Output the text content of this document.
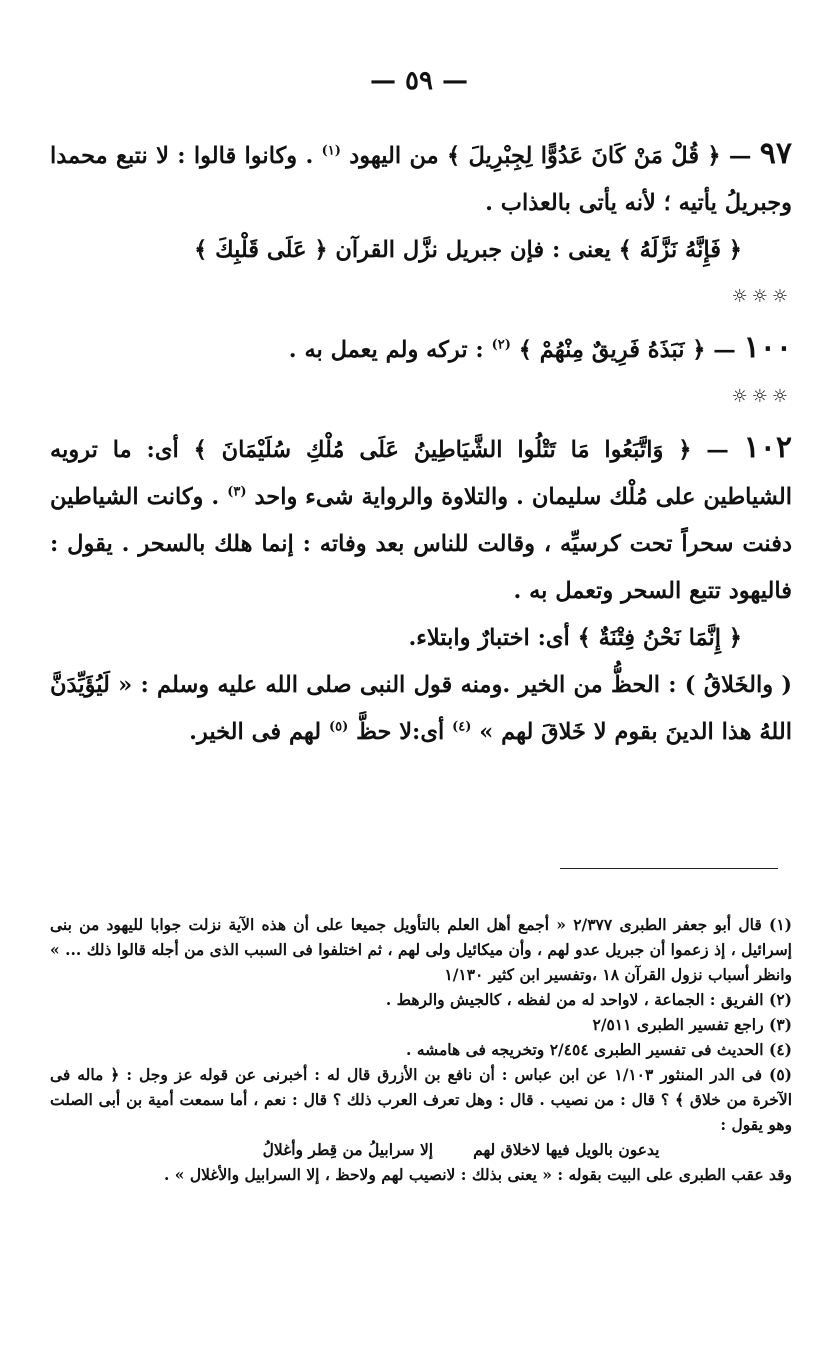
— ٥٩ —

٩٧ — ﴿ قُلْ مَنْ كَانَ عَدُوًّا لِجِبْرِيلَ ﴾ من اليهود $^{(١)}$ . وكانوا قالوا : لا نتبع محمدا وجبريلُ يأتيه ؛ لأنه يأتى بالعذاب .

﴿ فَإِنَّهُ نَزَّلَهُ ﴾ يعنى : فإن جبريل نزَّل القرآن ﴿ عَلَى قَلْبِكَ ﴾

☼☼☼

١٠٠ — ﴿ نَبَذَهُ فَرِيقٌ مِنْهُمْ ﴾ $^{(٢)}$ : تركه ولم يعمل به .

☼☼☼

١٠٢ — ﴿ وَاتَّبَعُوا مَا تَتْلُوا الشَّيَاطِينُ عَلَى مُلْكِ سُلَيْمَانَ ﴾ أى: ما ترويه الشياطين على مُلْك سليمان . والتلاوة والرواية شىء واحد $^{(٣)}$ . وكانت الشياطين دفنت سحراً تحت كرسيِّه ، وقالت للناس بعد وفاته : إنما هلك بالسحر . يقول : فاليهود تتبع السحر وتعمل به .

﴿ إِنَّمَا نَحْنُ فِتْنَةٌ ﴾ أى: اختبارٌ وابتلاء.

( والخَلاقُ ) : الحظُّ من الخير .ومنه قول النبى صلى الله عليه وسلم : « لَيُؤَيِّدَنَّ اللهُ هذا الدينَ بقوم لا خَلاقَ لهم » $^{(٤)}$ أى:لا حظَّ $^{(٥)}$ لهم فى الخير.

(١) قال أبو جعفر الطبرى ٢/٣٧٧ « أجمع أهل العلم بالتأويل جميعا على أن هذه الآية نزلت جوابا لليهود من بنى إسرائيل ، إذ زعموا أن جبريل عدو لهم ، وأن ميكائيل ولى لهم ، ثم اختلفوا فى السبب الذى من أجله قالوا ذلك ... » وانظر أسباب نزول القرآن ١٨ ،وتفسير ابن كثير ١/١٣٠

(٢) الفريق : الجماعة ، لاواحد له من لفظه ، كالجيش والرهط .

(٣) راجع تفسير الطبرى ٢/٥١١

(٤) الحديث فى تفسير الطبرى ٢/٤٥٤ وتخريجه فى هامشه .

(٥) فى الدر المنثور ١/١٠٣ عن ابن عباس : أن نافع بن الأزرق قال له : أخبرنى عن قوله عز وجل : ﴿ ماله فى الآخرة من خلاق ﴾ ؟ قال : من نصيب . قال : وهل تعرف العرب ذلك ؟ قال : نعم ، أما سمعت أمية بن أبى الصلت وهو يقول :

يدعون بالويل فيها لاخلاق لهم
إلا سرابيلُ من قِطر وأغلالُ

وقد عقب الطبرى على البيت بقوله : « يعنى بذلك : لانصيب لهم ولاحظ ، إلا السرابيل والأغلال » .
